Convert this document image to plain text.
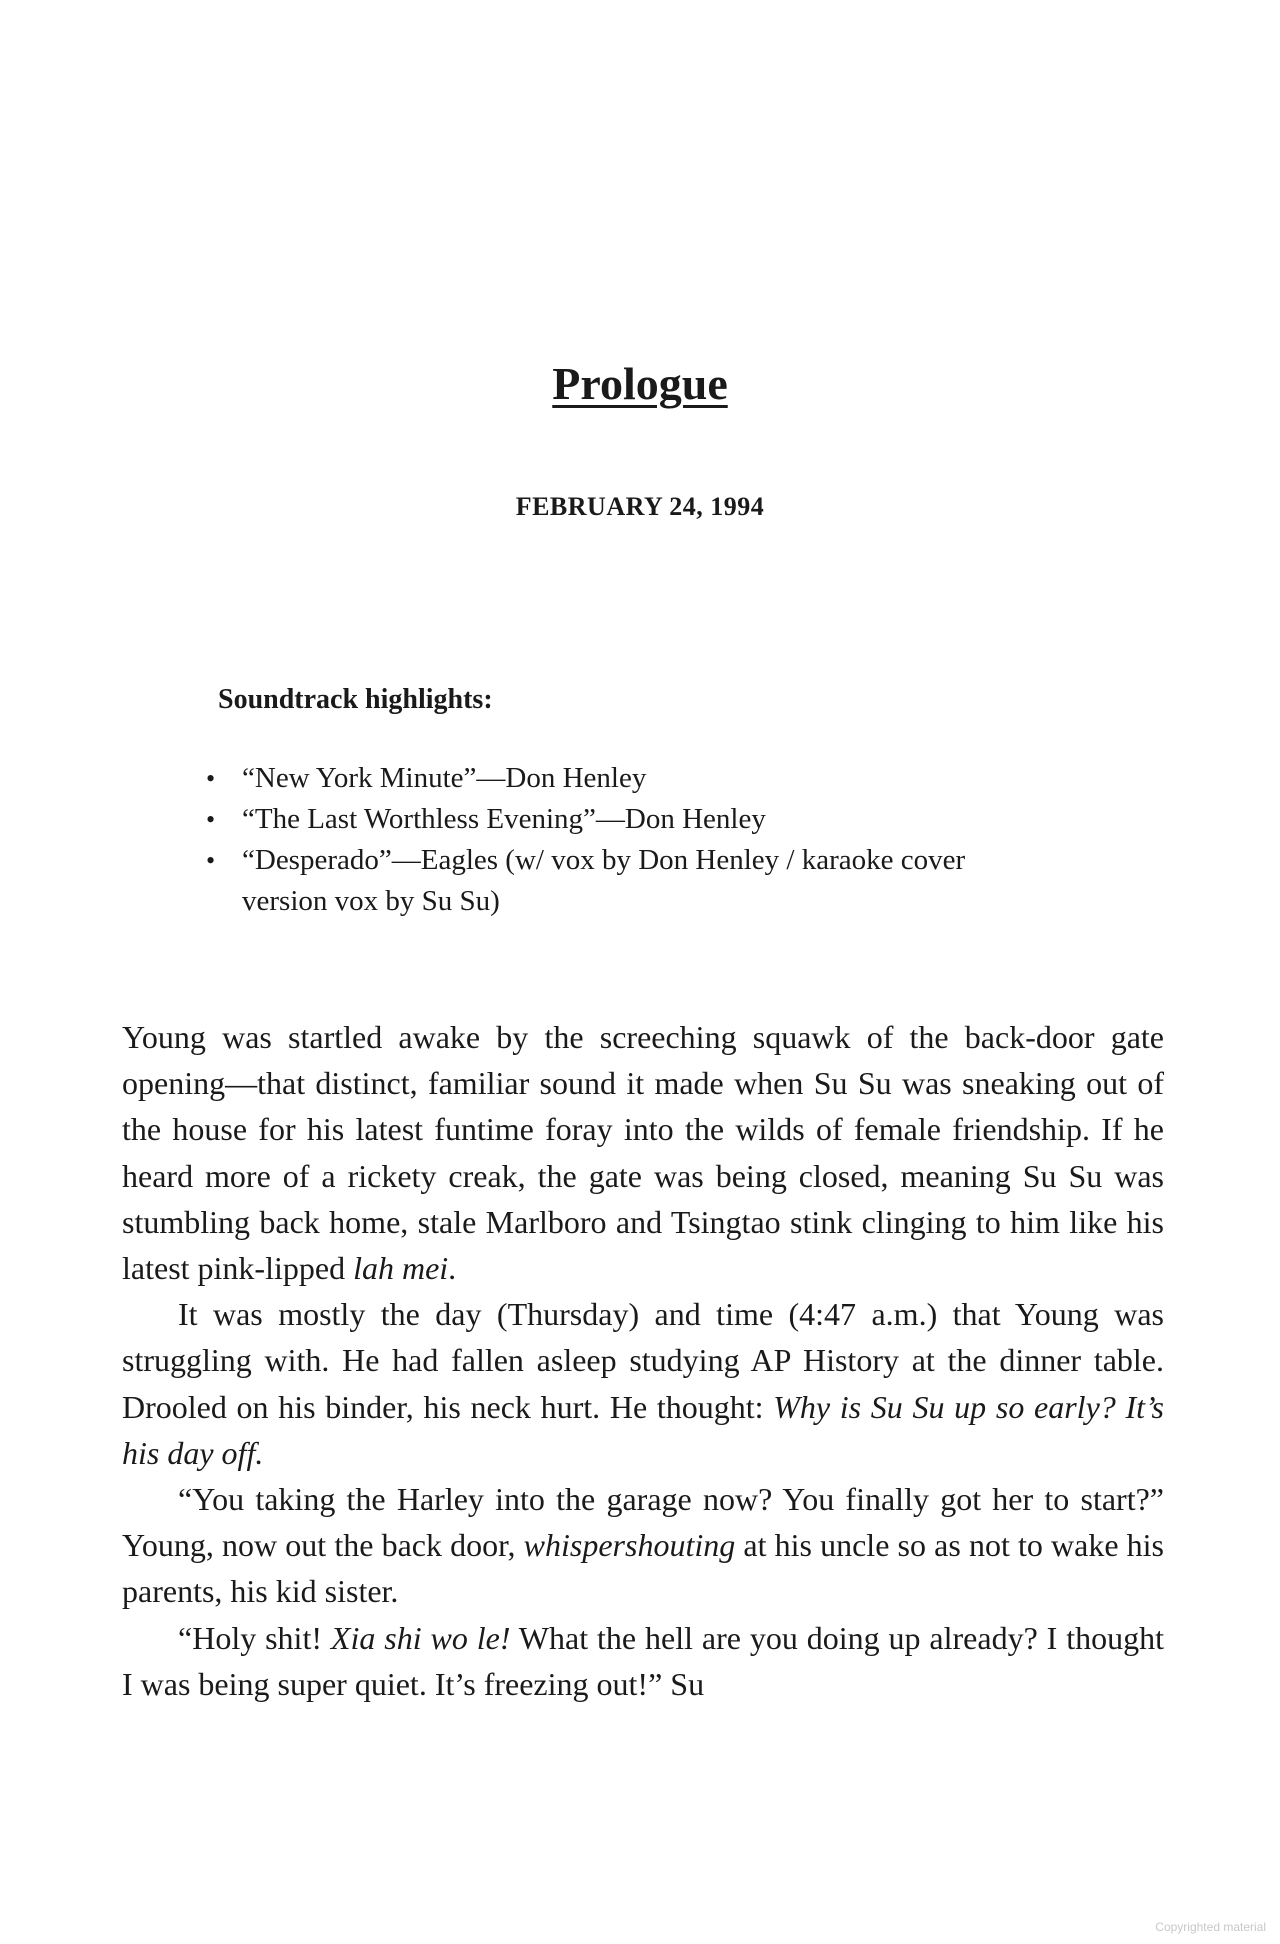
Prologue
FEBRUARY 24, 1994
Soundtrack highlights:
• “New York Minute”—Don Henley
• “The Last Worthless Evening”—Don Henley
• “Desperado”—Eagles (w/ vox by Don Henley / karaoke cover version vox by Su Su)

Young was startled awake by the screeching squawk of the back-door gate opening—that distinct, familiar sound it made when Su Su was sneaking out of the house for his latest funtime foray into the wilds of female friendship. If he heard more of a rickety creak, the gate was being closed, meaning Su Su was stumbling back home, stale Marlboro and Tsingtao stink clinging to him like his latest pink-lipped lah mei.

It was mostly the day (Thursday) and time (4:47 a.m.) that Young was struggling with. He had fallen asleep studying AP History at the dinner table. Drooled on his binder, his neck hurt. He thought: Why is Su Su up so early? It’s his day off.

“You taking the Harley into the garage now? You finally got her to start?” Young, now out the back door, whispershouting at his uncle so as not to wake his parents, his kid sister.

“Holy shit! Xia shi wo le! What the hell are you doing up already? I thought I was being super quiet. It’s freezing out!” Su

Copyrighted material
